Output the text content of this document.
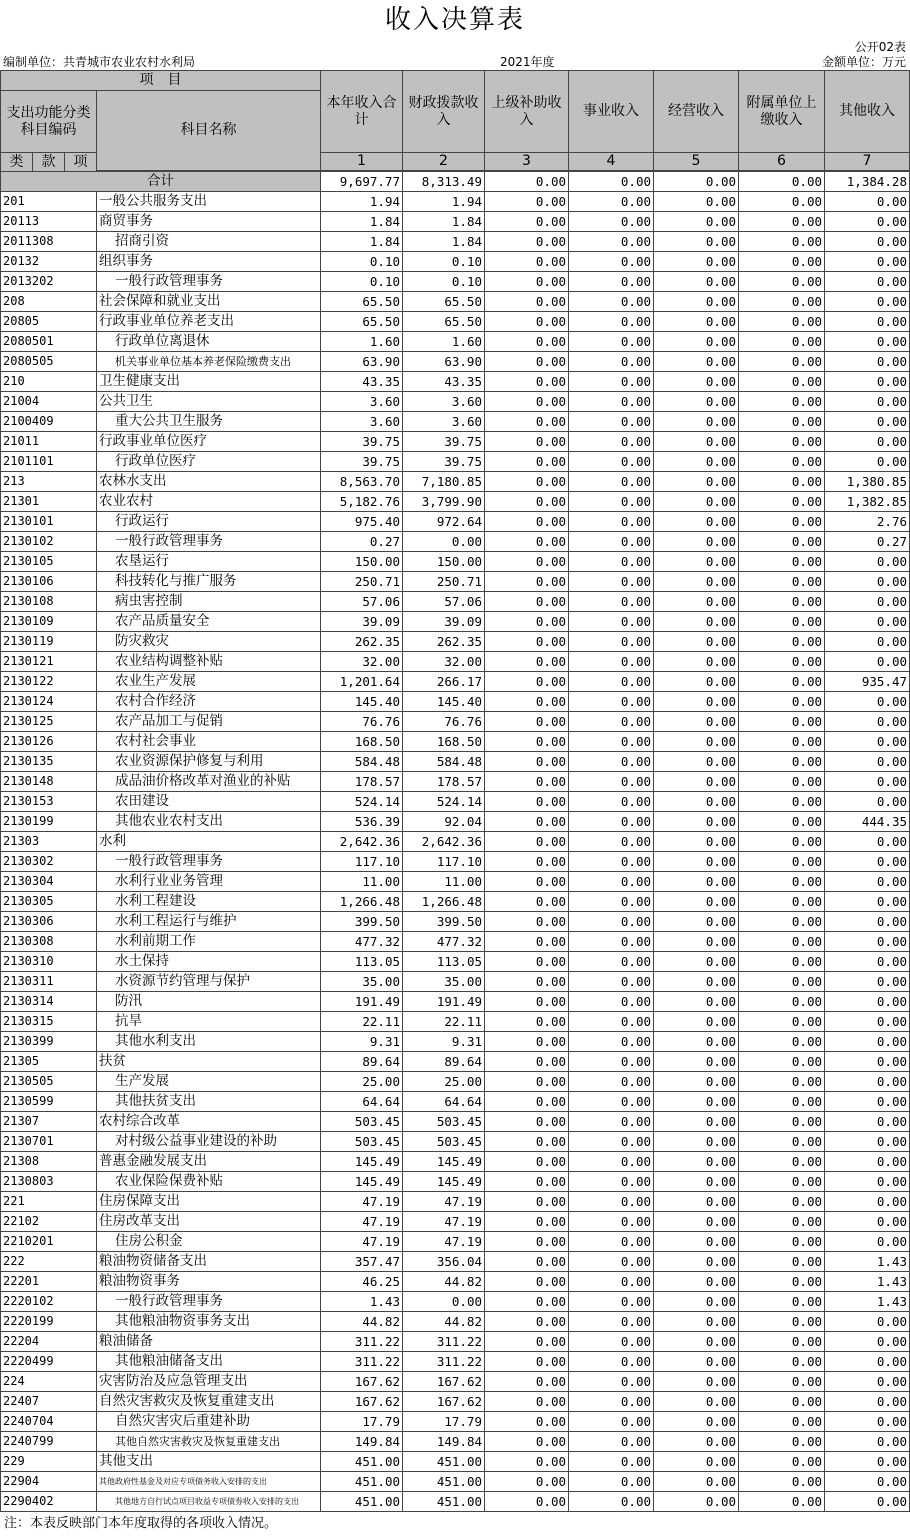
收入决算表
公开02表
编制单位：共青城市农业农村水利局	2021年度	金额单位：万元
项　目				本年收入合计	财政拨款收入	上级补助收入	事业收入	经营收入	附属单位上缴收入	其他收入
支出功能分类科目编码			科目名称							
类	款	项		1	2	3	4	5	6	7

合计				9,697.77	8,313.49	0.00	0.00	0.00	0.00	1,384.28
201			一般公共服务支出	1.94	1.94	0.00	0.00	0.00	0.00	0.00
20113			商贸事务	1.84	1.84	0.00	0.00	0.00	0.00	0.00
2011308			招商引资	1.84	1.84	0.00	0.00	0.00	0.00	0.00
20132			组织事务	0.10	0.10	0.00	0.00	0.00	0.00	0.00
2013202			一般行政管理事务	0.10	0.10	0.00	0.00	0.00	0.00	0.00
208			社会保障和就业支出	65.50	65.50	0.00	0.00	0.00	0.00	0.00
20805			行政事业单位养老支出	65.50	65.50	0.00	0.00	0.00	0.00	0.00
2080501			行政单位离退休	1.60	1.60	0.00	0.00	0.00	0.00	0.00
2080505			机关事业单位基本养老保险缴费支出	63.90	63.90	0.00	0.00	0.00	0.00	0.00
210			卫生健康支出	43.35	43.35	0.00	0.00	0.00	0.00	0.00
21004			公共卫生	3.60	3.60	0.00	0.00	0.00	0.00	0.00
2100409			重大公共卫生服务	3.60	3.60	0.00	0.00	0.00	0.00	0.00
21011			行政事业单位医疗	39.75	39.75	0.00	0.00	0.00	0.00	0.00
2101101			行政单位医疗	39.75	39.75	0.00	0.00	0.00	0.00	0.00
213			农林水支出	8,563.70	7,180.85	0.00	0.00	0.00	0.00	1,380.85
21301			农业农村	5,182.76	3,799.90	0.00	0.00	0.00	0.00	1,382.85
2130101			行政运行	975.40	972.64	0.00	0.00	0.00	0.00	2.76
2130102			一般行政管理事务	0.27	0.00	0.00	0.00	0.00	0.00	0.27
2130105			农垦运行	150.00	150.00	0.00	0.00	0.00	0.00	0.00
2130106			科技转化与推广服务	250.71	250.71	0.00	0.00	0.00	0.00	0.00
2130108			病虫害控制	57.06	57.06	0.00	0.00	0.00	0.00	0.00
2130109			农产品质量安全	39.09	39.09	0.00	0.00	0.00	0.00	0.00
2130119			防灾救灾	262.35	262.35	0.00	0.00	0.00	0.00	0.00
2130121			农业结构调整补贴	32.00	32.00	0.00	0.00	0.00	0.00	0.00
2130122			农业生产发展	1,201.64	266.17	0.00	0.00	0.00	0.00	935.47
2130124			农村合作经济	145.40	145.40	0.00	0.00	0.00	0.00	0.00
2130125			农产品加工与促销	76.76	76.76	0.00	0.00	0.00	0.00	0.00
2130126			农村社会事业	168.50	168.50	0.00	0.00	0.00	0.00	0.00
2130135			农业资源保护修复与利用	584.48	584.48	0.00	0.00	0.00	0.00	0.00
2130148			成品油价格改革对渔业的补贴	178.57	178.57	0.00	0.00	0.00	0.00	0.00
2130153			农田建设	524.14	524.14	0.00	0.00	0.00	0.00	0.00
2130199			其他农业农村支出	536.39	92.04	0.00	0.00	0.00	0.00	444.35
21303			水利	2,642.36	2,642.36	0.00	0.00	0.00	0.00	0.00
2130302			一般行政管理事务	117.10	117.10	0.00	0.00	0.00	0.00	0.00
2130304			水利行业业务管理	11.00	11.00	0.00	0.00	0.00	0.00	0.00
2130305			水利工程建设	1,266.48	1,266.48	0.00	0.00	0.00	0.00	0.00
2130306			水利工程运行与维护	399.50	399.50	0.00	0.00	0.00	0.00	0.00
2130308			水利前期工作	477.32	477.32	0.00	0.00	0.00	0.00	0.00
2130310			水土保持	113.05	113.05	0.00	0.00	0.00	0.00	0.00
2130311			水资源节约管理与保护	35.00	35.00	0.00	0.00	0.00	0.00	0.00
2130314			防汛	191.49	191.49	0.00	0.00	0.00	0.00	0.00
2130315			抗旱	22.11	22.11	0.00	0.00	0.00	0.00	0.00
2130399			其他水利支出	9.31	9.31	0.00	0.00	0.00	0.00	0.00
21305			扶贫	89.64	89.64	0.00	0.00	0.00	0.00	0.00
2130505			生产发展	25.00	25.00	0.00	0.00	0.00	0.00	0.00
2130599			其他扶贫支出	64.64	64.64	0.00	0.00	0.00	0.00	0.00
21307			农村综合改革	503.45	503.45	0.00	0.00	0.00	0.00	0.00
2130701			对村级公益事业建设的补助	503.45	503.45	0.00	0.00	0.00	0.00	0.00
21308			普惠金融发展支出	145.49	145.49	0.00	0.00	0.00	0.00	0.00
2130803			农业保险保费补贴	145.49	145.49	0.00	0.00	0.00	0.00	0.00
221			住房保障支出	47.19	47.19	0.00	0.00	0.00	0.00	0.00
22102			住房改革支出	47.19	47.19	0.00	0.00	0.00	0.00	0.00
2210201			住房公积金	47.19	47.19	0.00	0.00	0.00	0.00	0.00
222			粮油物资储备支出	357.47	356.04	0.00	0.00	0.00	0.00	1.43
22201			粮油物资事务	46.25	44.82	0.00	0.00	0.00	0.00	1.43
2220102			一般行政管理事务	1.43	0.00	0.00	0.00	0.00	0.00	1.43
2220199			其他粮油物资事务支出	44.82	44.82	0.00	0.00	0.00	0.00	0.00
22204			粮油储备	311.22	311.22	0.00	0.00	0.00	0.00	0.00
2220499			其他粮油储备支出	311.22	311.22	0.00	0.00	0.00	0.00	0.00
224			灾害防治及应急管理支出	167.62	167.62	0.00	0.00	0.00	0.00	0.00
22407			自然灾害救灾及恢复重建支出	167.62	167.62	0.00	0.00	0.00	0.00	0.00
2240704			自然灾害灾后重建补助	17.79	17.79	0.00	0.00	0.00	0.00	0.00
2240799			其他自然灾害救灾及恢复重建支出	149.84	149.84	0.00	0.00	0.00	0.00	0.00
229			其他支出	451.00	451.00	0.00	0.00	0.00	0.00	0.00
22904			其他政府性基金及对应专项债务收入安排的支出	451.00	451.00	0.00	0.00	0.00	0.00	0.00
2290402			其他地方自行试点项目收益专项债券收入安排的支出	451.00	451.00	0.00	0.00	0.00	0.00	0.00
注：本表反映部门本年度取得的各项收入情况。
